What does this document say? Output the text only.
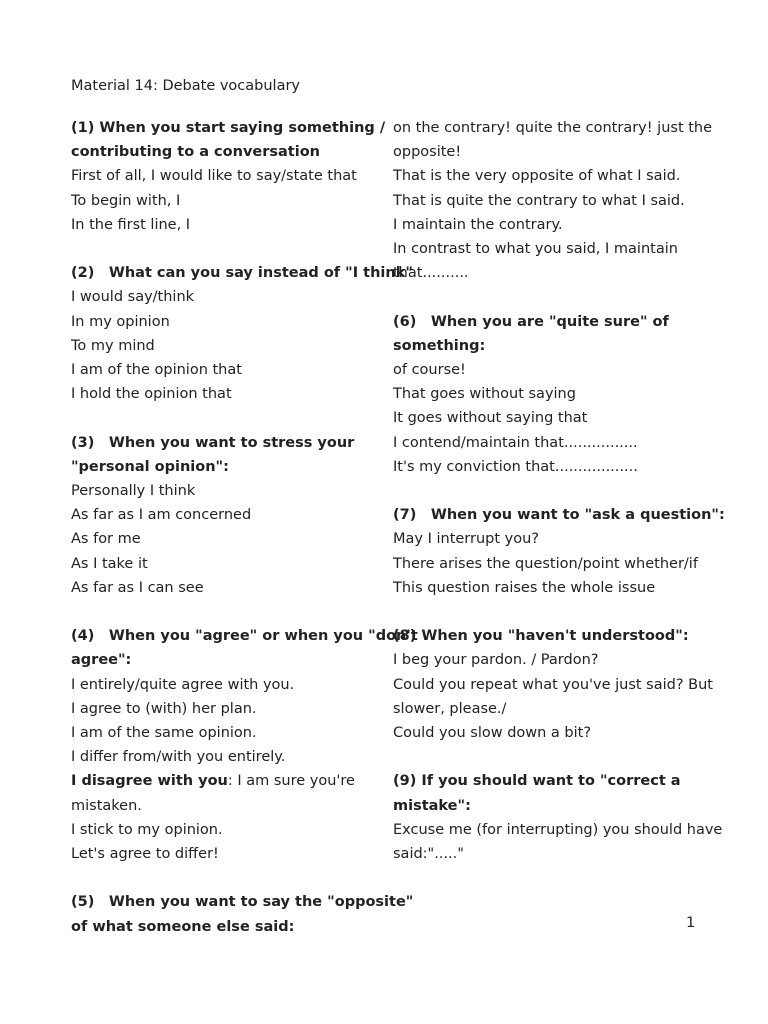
Material 14: Debate vocabulary
(1) When you start saying something /
contributing to a conversation
First of all, I would like to say/state that
To begin with, I
In the first line, I
(2) What can you say instead of "I think"
I would say/think
In my opinion
To my mind
I am of the opinion that
I hold the opinion that
(3) When you want to stress your
"personal opinion":
Personally I think
As far as I am concerned
As for me
As I take it
As far as I can see
(4) When you "agree" or when you "don't
agree":
I entirely/quite agree with you.
I agree to (with) her plan.
I am of the same opinion.
I differ from/with you entirely.
I disagree with you: I am sure you're
mistaken.
I stick to my opinion.
Let's agree to differ!
(5) When you want to say the "opposite"
of what someone else said:
on the contrary! quite the contrary! just the
opposite!
That is the very opposite of what I said.
That is quite the contrary to what I said.
I maintain the contrary.
In contrast to what you said, I maintain
that..........
(6) When you are "quite sure" of
something:
of course!
That goes without saying
It goes without saying that
I contend/maintain that................
It's my conviction that..................
(7) When you want to "ask a question":
May I interrupt you?
There arises the question/point whether/if
This question raises the whole issue
(8) When you "haven't understood":
I beg your pardon. / Pardon?
Could you repeat what you've just said? But
slower, please./
Could you slow down a bit?
(9) If you should want to "correct a
mistake":
Excuse me (for interrupting) you should have
said:"....."
1
